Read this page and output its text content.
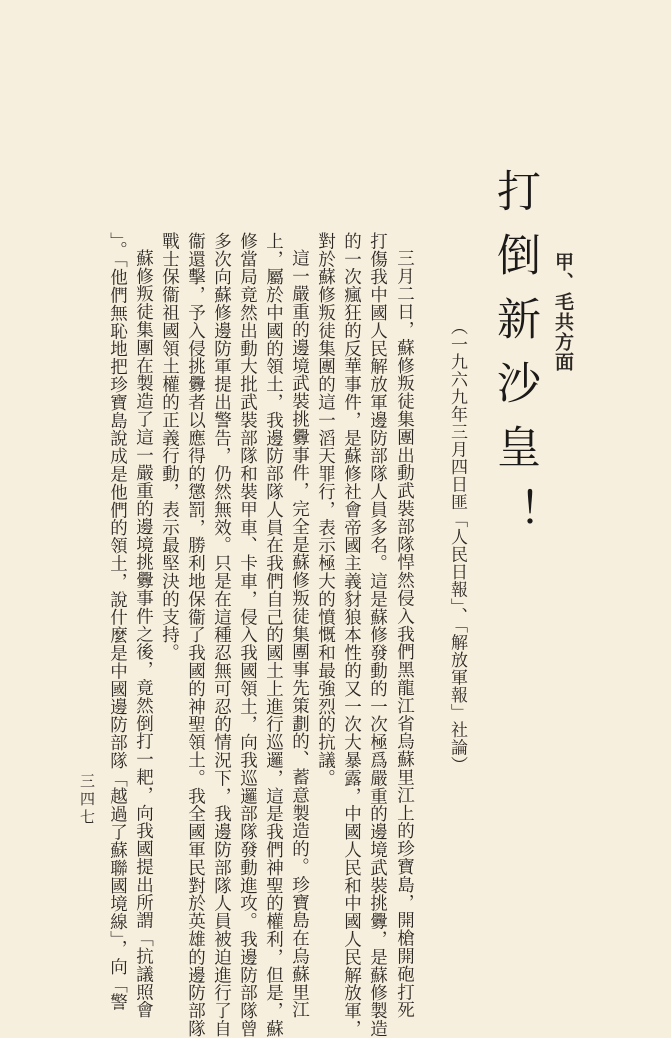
甲、毛共方面
打倒新沙皇！
（一九六九年三月四日匪「人民日報」、「解放軍報」社論）
三月二日，蘇修叛徒集團出動武裝部隊悍然侵入我們黑龍江省烏蘇里江上的珍寶島，開槍開砲打死
打傷我中國人民解放軍邊防部隊人員多名。這是蘇修發動的一次極爲嚴重的邊境武裝挑釁，是蘇修製造
的一次瘋狂的反華事件，是蘇修社會帝國主義豺狼本性的又一次大暴露，中國人民和中國人民解放軍，
對於蘇修叛徒集團的這一滔天罪行，表示極大的憤慨和最強烈的抗議。
這一嚴重的邊境武裝挑釁事件，完全是蘇修叛徒集團事先策劃的、蓄意製造的。珍寶島在烏蘇里江
上，屬於中國的領土，我邊防部隊人員在我們自己的國土上進行巡邏，這是我們神聖的權利，但是，蘇
修當局竟然出動大批武裝部隊和裝甲車、卡車，侵入我國領土，向我巡邏部隊發動進攻。我邊防部隊曾
多次向蘇修邊防軍提出警告，仍然無效。只是在這種忍無可忍的情況下，我邊防部隊人員被迫進行了自
衞還擊，予入侵挑釁者以應得的懲罰，勝利地保衞了我國的神聖領土。我全國軍民對於英雄的邊防部隊
戰士保衞祖國領土權的正義行動，表示最堅決的支持。
蘇修叛徒集團在製造了這一嚴重的邊境挑釁事件之後，竟然倒打一耙，向我國提出所謂「抗議照會
」。「他們無恥地把珍寶島說成是他們的領土，說什麼是中國邊防部隊「越過了蘇聯國境線」，向「警
三四七
